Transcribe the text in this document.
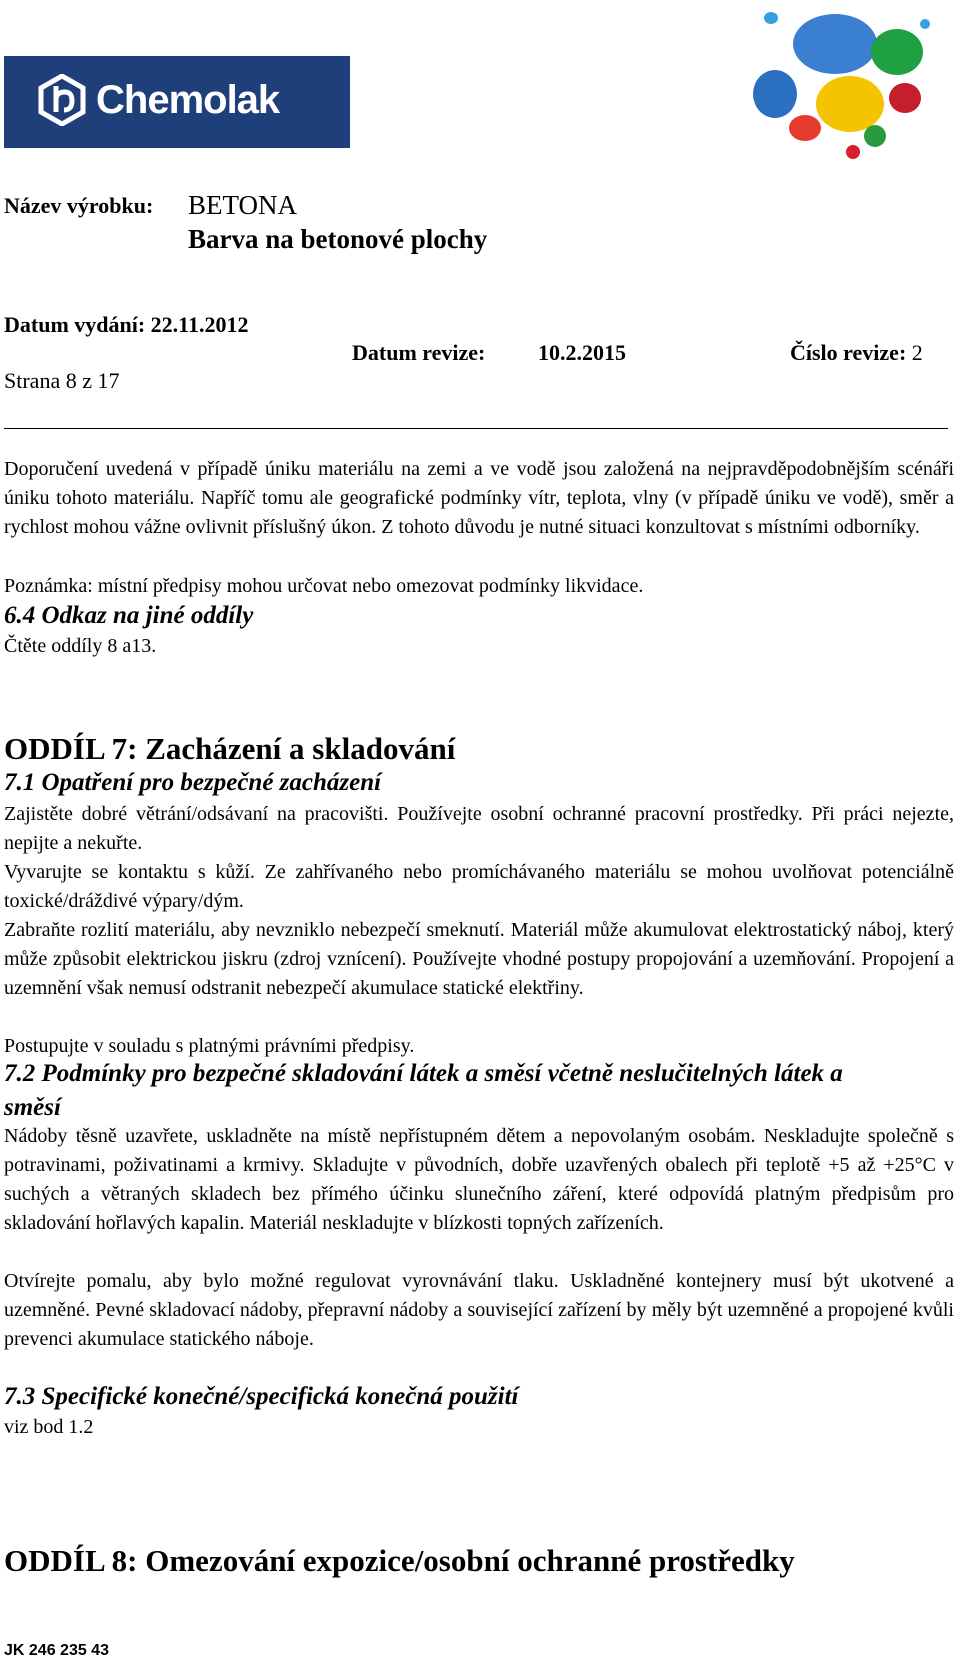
Chemolak
Název výrobku: BETONA
Barva na betonové plochy
Datum vydání: 22.11.2012
Datum revize: 10.2.2015	Číslo revize: 2
Strana 8 z 17
Doporučení uvedená v případě úniku materiálu na zemi a ve vodě jsou založená na nejpravděpodobnějším scénáři úniku tohoto materiálu. Napříč tomu ale geografické podmínky vítr, teplota, vlny (v případě úniku ve vodě), směr a rychlost mohou vážne ovlivnit příslušný úkon. Z tohoto důvodu je nutné situaci konzultovat s místními odborníky.
Poznámka: místní předpisy mohou určovat nebo omezovat podmínky likvidace.
6.4 Odkaz na jiné oddíly
Čtěte oddíly 8 a13.
ODDÍL 7: Zacházení a skladování
7.1 Opatření pro bezpečné zacházení
Zajistěte dobré větrání/odsávaní na pracovišti. Používejte osobní ochranné pracovní prostředky. Při práci nejezte, nepijte a nekuřte.
Vyvarujte se kontaktu s kůží. Ze zahřívaného nebo promíchávaného materiálu se mohou uvolňovat potenciálně toxické/dráždivé výpary/dým.
Zabraňte rozlití materiálu, aby nevzniklo nebezpečí smeknutí. Materiál může akumulovat elektrostatický náboj, který může způsobit elektrickou jiskru (zdroj vznícení). Používejte vhodné postupy propojování a uzemňování. Propojení a uzemnění však nemusí odstranit nebezpečí akumulace statické elektřiny.
Postupujte v souladu s platnými právními předpisy.
7.2 Podmínky pro bezpečné skladování látek a směsí včetně neslučitelných látek a směsí
Nádoby těsně uzavřete, uskladněte na místě nepřístupném dětem a nepovolaným osobám. Neskladujte společně s potravinami, poživatinami a krmivy. Skladujte v původních, dobře uzavřených obalech při teplotě +5 až +25°C v suchých a větraných skladech bez přímého účinku slunečního záření, které odpovídá platným předpisům pro skladování hořlavých kapalin. Materiál neskladujte v blízkosti topných zařízeních.
Otvírejte pomalu, aby bylo možné regulovat vyrovnávání tlaku. Uskladněné kontejnery musí být ukotvené a uzemněné. Pevné skladovací nádoby, přepravní nádoby a související zařízení by měly být uzemněné a propojené kvůli prevenci akumulace statického náboje.
7.3 Specifické konečné/specifická konečná použití
viz bod 1.2
ODDÍL 8: Omezování expozice/osobní ochranné prostředky
JK 246 235 43
